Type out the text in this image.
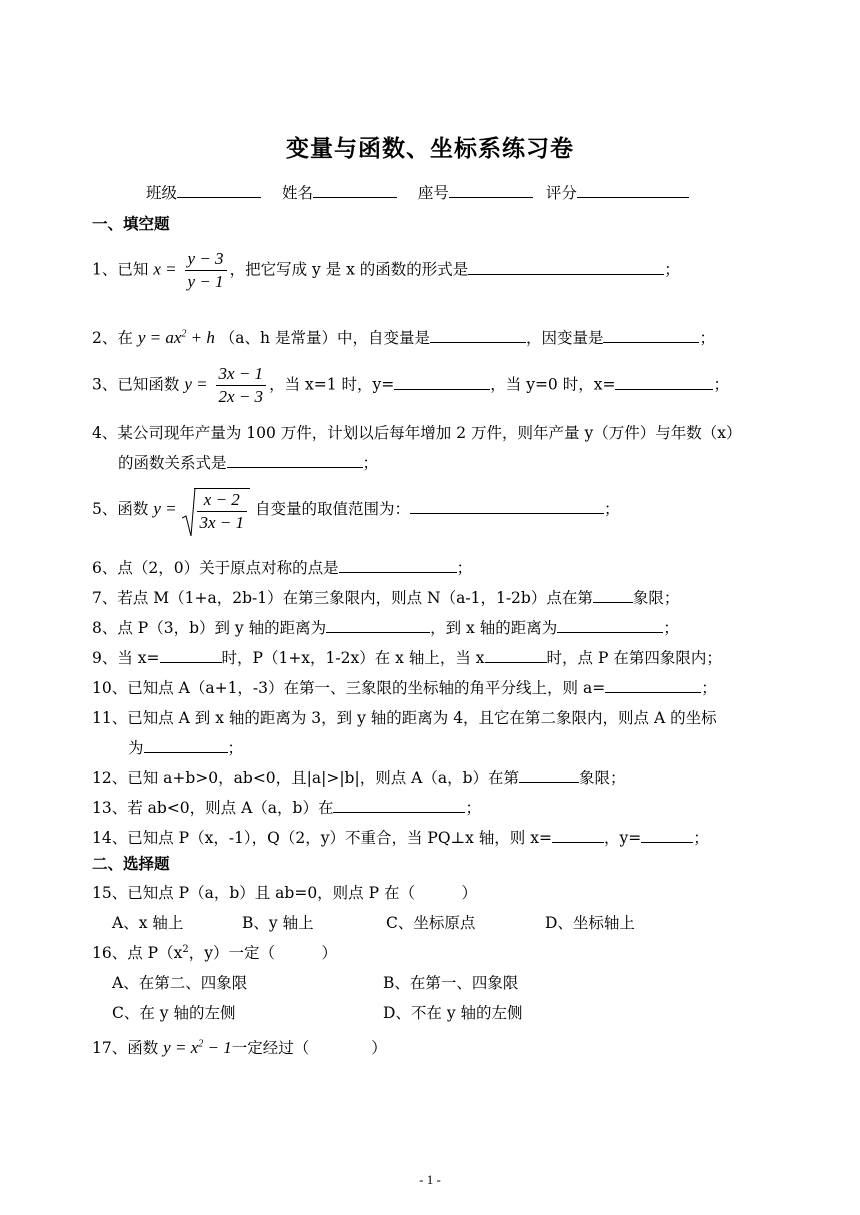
变量与函数、坐标系练习卷
班级	姓名	座号	评分
一、填空题
1、已知 $x = \frac{y - 3}{y - 1}$ ，把它写成 y 是 x 的函数的形式是	；
2、在 $y = ax^2 + h$ （a、h 是常量）中，自变量是	，因变量是	；
3、已知函数 $y = \frac{3x - 1}{2x - 3}$ ，当 x=1 时，y=	，当 y=0 时，x=	；
4、某公司现年产量为 100 万件，计划以后每年增加 2 万件，则年产量 y（万件）与年数（x）
的函数关系式是	；
5、函数 $y = \frac{x - 2}{3x - 1}$ 自变量的取值范围为：	；
6、点（2，0）关于原点对称的点是	；
7、若点 M（1+a，2b-1）在第三象限内，则点 N（a-1，1-2b）点在第	象限；
8、点 P（3，b）到 y 轴的距离为	，到 x 轴的距离为	；
9、当 x=	时，P（1+x，1-2x）在 x 轴上，当 x	时，点 P 在第四象限内；
10、已知点 A（a+1，-3）在第一、三象限的坐标轴的角平分线上，则 a=	；
11、已知点 A 到 x 轴的距离为 3，到 y 轴的距离为 4，且它在第二象限内，则点 A 的坐标
为	；
12、已知 a+b>0，ab<0，且|a|>|b|，则点 A（a，b）在第	象限；
13、若 ab<0，则点 A（a，b）在	；
14、已知点 P（x，-1），Q（2，y）不重合，当 PQ⊥x 轴，则 x=	，y=	；
二、选择题
15、已知点 P（a，b）且 ab=0，则点 P 在（　　　）
A、x 轴上	B、y 轴上	C、坐标原点	D、坐标轴上
16、点 $P(x^2$，y）一定（　　　）
A、在第二、四象限	B、在第一、四象限
C、在 y 轴的左侧	D、不在 y 轴的左侧
17、函数 $y = x^2 - 1$一定经过（　　　　）
- 1 -
